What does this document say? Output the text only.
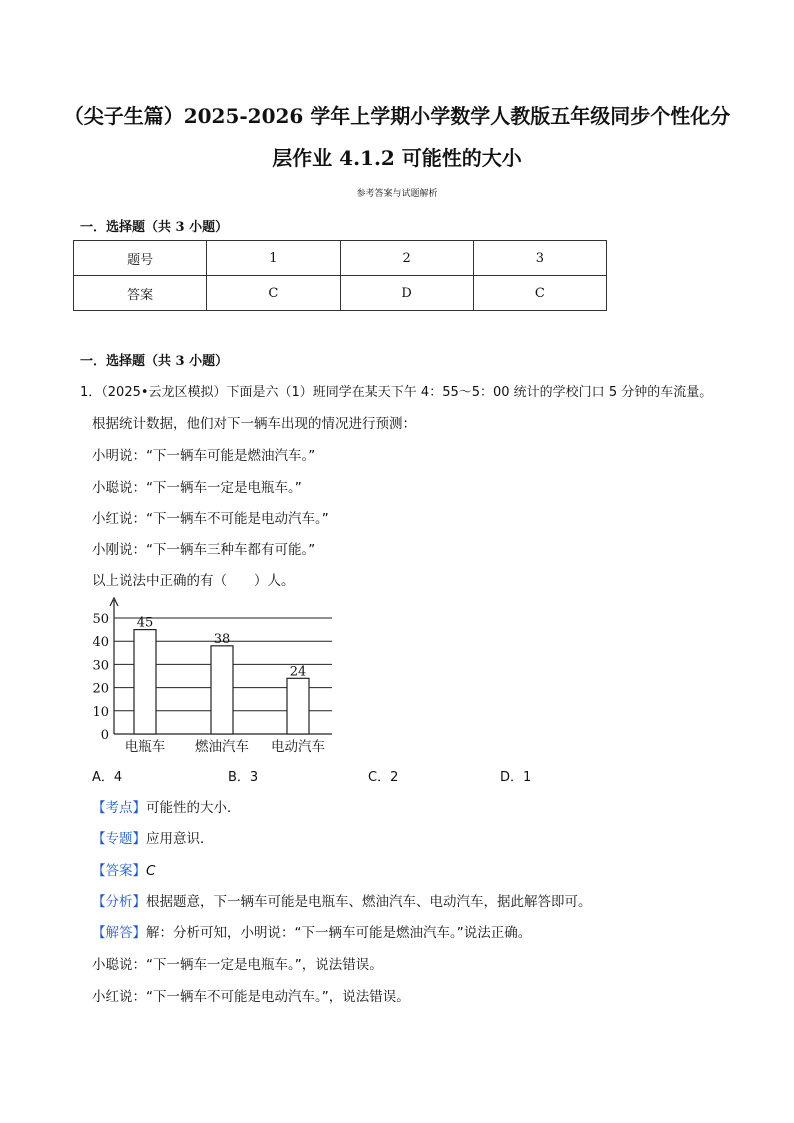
（尖子生篇）2025-2026 学年上学期小学数学人教版五年级同步个性化分
层作业 4.1.2 可能性的大小
参考答案与试题解析
一．选择题（共 3 小题）
题号	1	2	3
答案	C	D	C
一．选择题（共 3 小题）
1．（2025•云龙区模拟）下面是六（1）班同学在某天下午 4：55～5：00 统计的学校门口 5 分钟的车流量。
根据统计数据，他们对下一辆车出现的情况进行预测：
小明说：“下一辆车可能是燃油汽车。”
小聪说：“下一辆车一定是电瓶车。”
小红说：“下一辆车不可能是电动汽车。”
小刚说：“下一辆车三种车都有可能。”
以上说法中正确的有（　　）人。
0
10
20
30
40
50 45
电瓶车
38
燃油汽车
24
电动汽车
A．4	B．3	C．2	D．1
【考点】可能性的大小．
【专题】应用意识．
【答案】C
【分析】根据题意，下一辆车可能是电瓶车、燃油汽车、电动汽车，据此解答即可。
【解答】解：分析可知，小明说：“下一辆车可能是燃油汽车。”说法正确。
小聪说：“下一辆车一定是电瓶车。”，说法错误。
小红说：“下一辆车不可能是电动汽车。”，说法错误。
